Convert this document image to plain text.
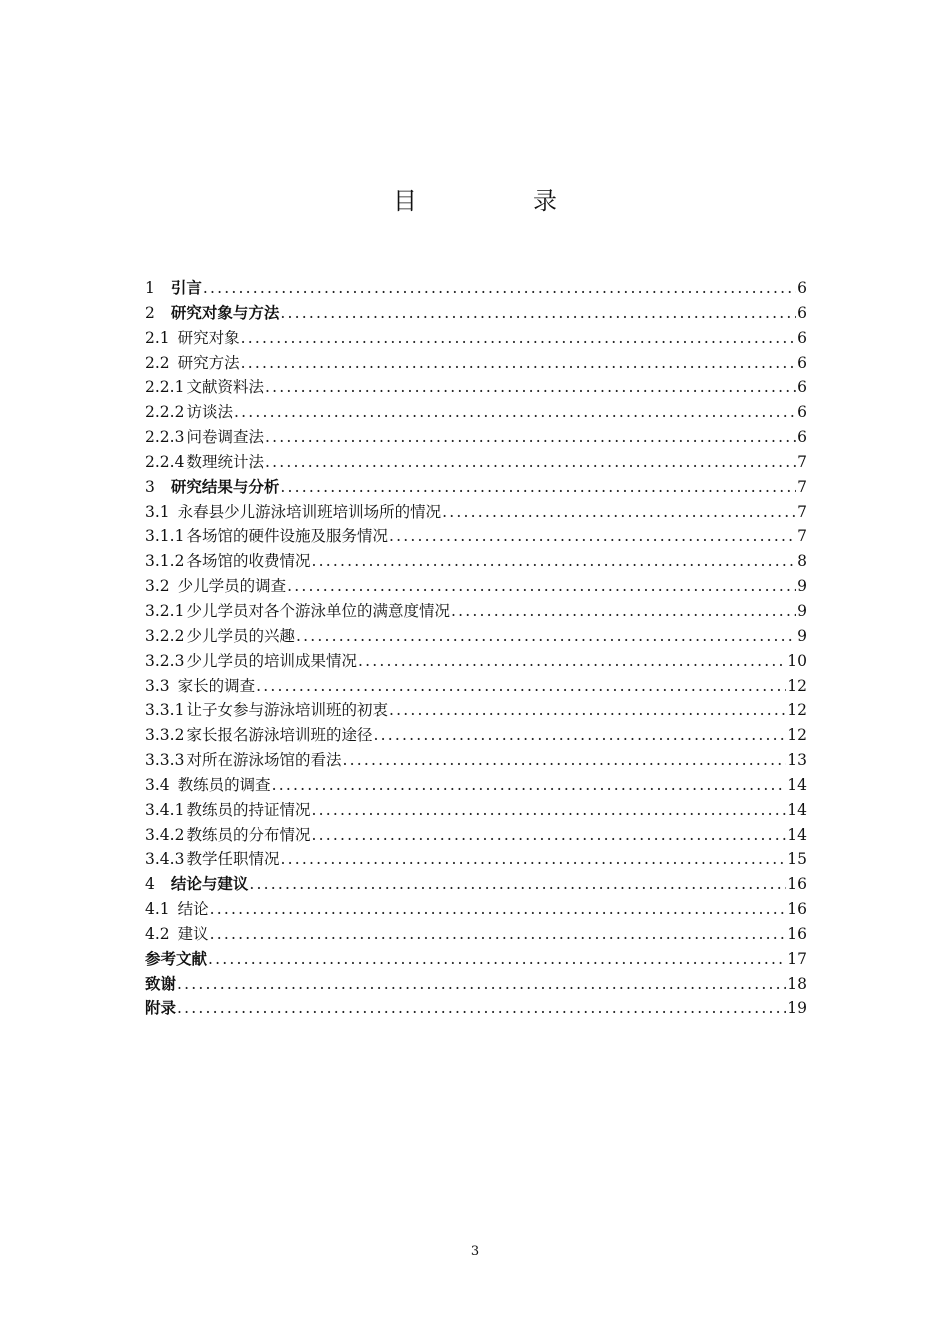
目　录
1 引言 .....	6
2 研究对象与方法 .....	6
2.1 研究对象 .....	6
2.2 研究方法 .....	6
2.2.1 文献资料法 .....	6
2.2.2 访谈法 .....	6
2.2.3 问卷调查法 .....	6
2.2.4 数理统计法 .....	7
3 研究结果与分析 .....	7
3.1 永春县少儿游泳培训班培训场所的情况 .....	7
3.1.1 各场馆的硬件设施及服务情况 .....	7
3.1.2 各场馆的收费情况 .....	8
3.2 少儿学员的调查 .....	9
3.2.1 少儿学员对各个游泳单位的满意度情况 .....	9
3.2.2 少儿学员的兴趣 .....	9
3.2.3 少儿学员的培训成果情况 .....	10
3.3 家长的调查 .....	12
3.3.1 让子女参与游泳培训班的初衷 .....	12
3.3.2 家长报名游泳培训班的途径 .....	12
3.3.3 对所在游泳场馆的看法 .....	13
3.4 教练员的调查 .....	14
3.4.1 教练员的持证情况 .....	14
3.4.2 教练员的分布情况 .....	14
3.4.3 教学任职情况 .....	15
4 结论与建议 .....	16
4.1 结论 .....	16
4.2 建议 .....	16
参考文献 .....	17
致谢 .....	18
附录 .....	19
3
